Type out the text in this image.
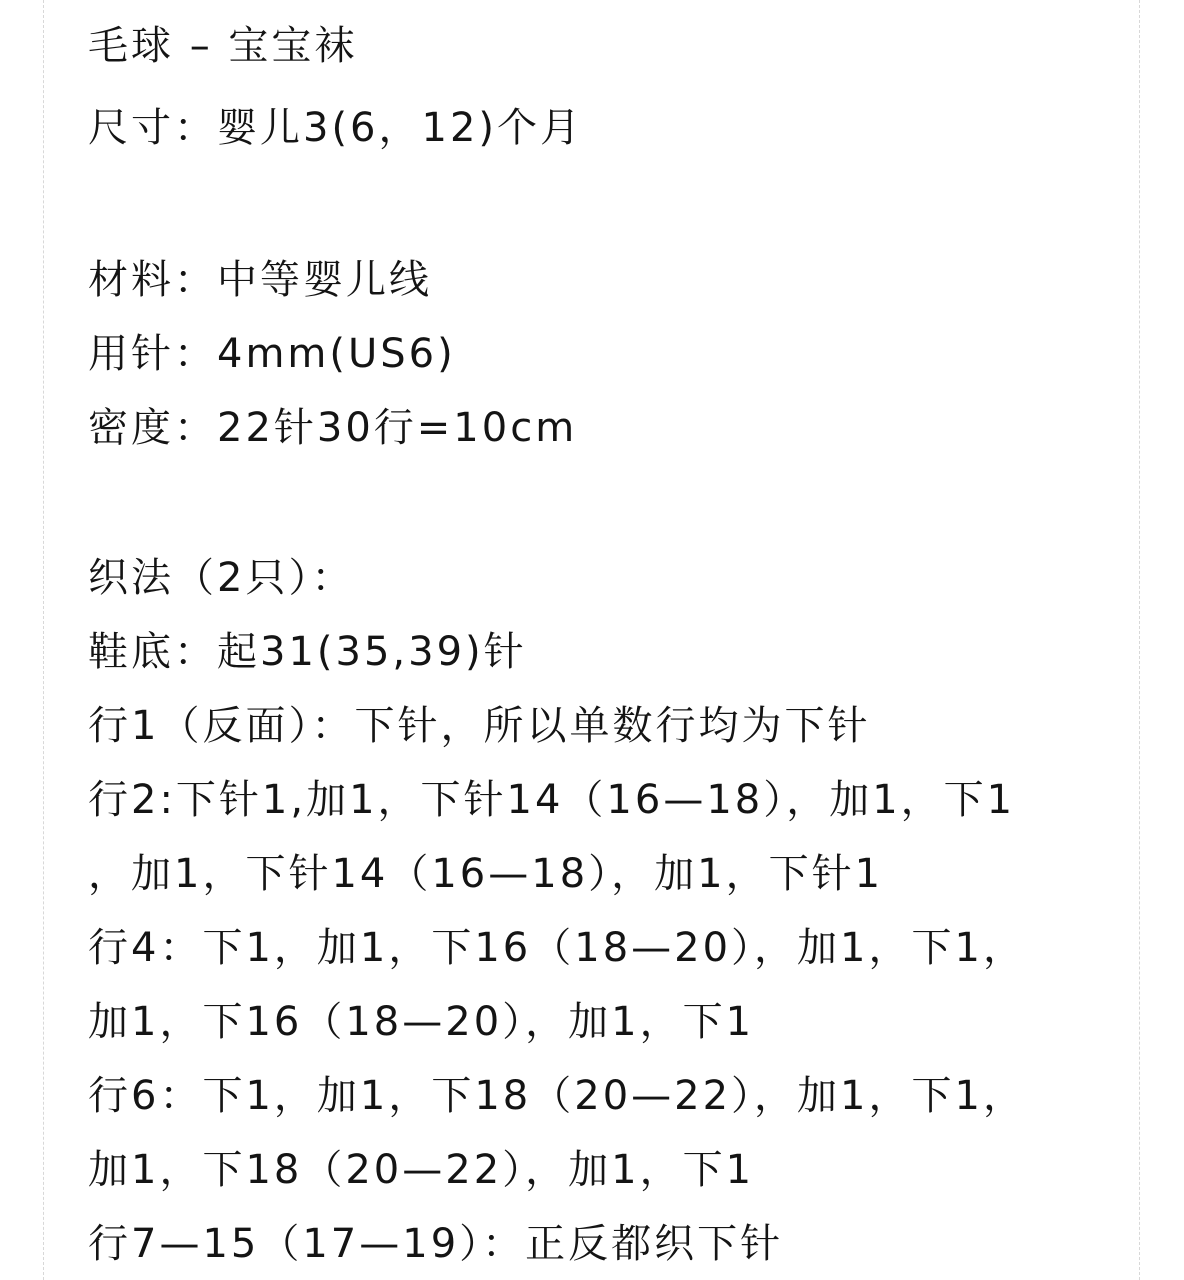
毛球 – 宝宝袜
尺寸：婴儿3(6，12)个月
材料：中等婴儿线
用针：4mm(US6)
密度：22针30行=10cm
织法（2只）：
鞋底：起31(35,39)针
行1（反面）：下针，所以单数行均为下针
行2:下针1,加1，下针14（16—18），加1，下1
，加1，下针14（16—18），加1，下针1
行4：下1，加1，下16（18—20），加1，下1，
加1，下16（18—20），加1，下1
行6：下1，加1，下18（20—22），加1，下1，
加1，下18（20—22），加1，下1
行7—15（17—19）：正反都织下针
